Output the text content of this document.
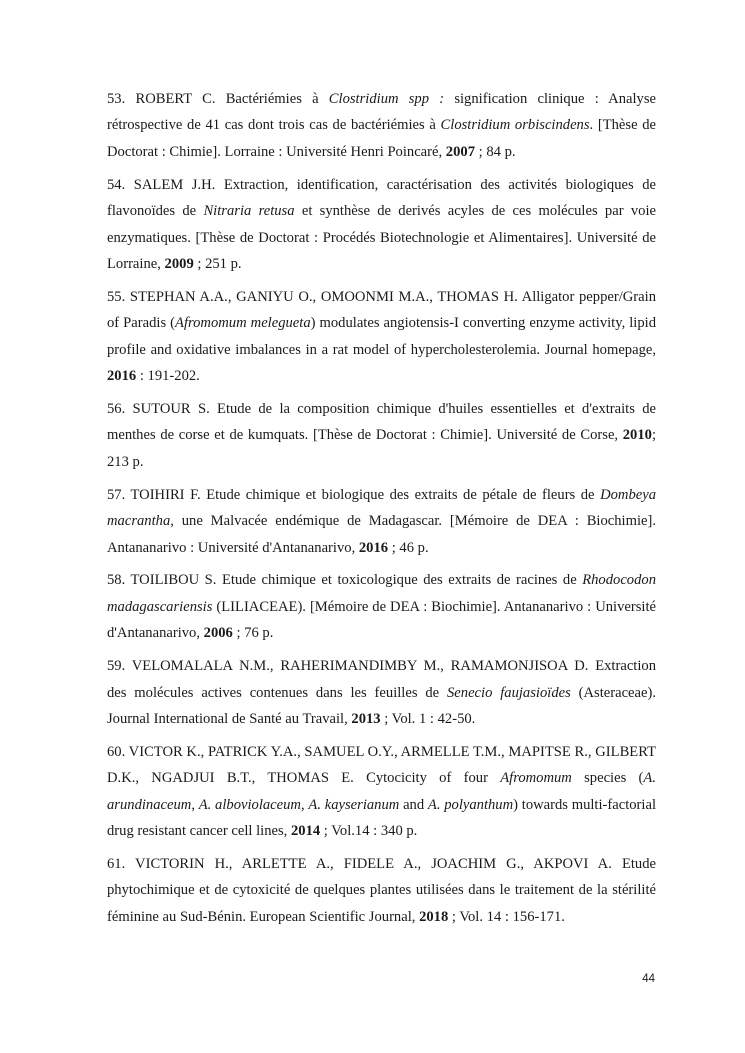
53. ROBERT C. Bactériémies à Clostridium spp : signification clinique : Analyse rétrospective de 41 cas dont trois cas de bactériémies à Clostridium orbiscindens. [Thèse de Doctorat : Chimie]. Lorraine : Université Henri Poincaré, 2007 ; 84 p.

54. SALEM J.H. Extraction, identification, caractérisation des activités biologiques de flavonoïdes de Nitraria retusa et synthèse de derivés acyles de ces molécules par voie enzymatiques. [Thèse de Doctorat : Procédés Biotechnologie et Alimentaires]. Université de Lorraine, 2009 ; 251 p.

55. STEPHAN A.A., GANIYU O., OMOONMI M.A., THOMAS H. Alligator pepper/Grain of Paradis (Afromomum melegueta) modulates angiotensis-I converting enzyme activity, lipid profile and oxidative imbalances in a rat model of hypercholesterolemia. Journal homepage, 2016 : 191-202.

56. SUTOUR S. Etude de la composition chimique d'huiles essentielles et d'extraits de menthes de corse et de kumquats. [Thèse de Doctorat : Chimie]. Université de Corse, 2010; 213 p.

57. TOIHIRI F. Etude chimique et biologique des extraits de pétale de fleurs de Dombeya macrantha, une Malvacée endémique de Madagascar. [Mémoire de DEA : Biochimie]. Antananarivo : Université d'Antananarivo, 2016 ; 46 p.

58. TOILIBOU S. Etude chimique et toxicologique des extraits de racines de Rhodocodon madagascariensis (LILIACEAE). [Mémoire de DEA : Biochimie]. Antananarivo : Université d'Antananarivo, 2006 ; 76 p.

59. VELOMALALA N.M., RAHERIMANDIMBY M., RAMAMONJISOA D. Extraction des molécules actives contenues dans les feuilles de Senecio faujasioïdes (Asteraceae). Journal International de Santé au Travail, 2013 ; Vol. 1 : 42-50.

60. VICTOR K., PATRICK Y.A., SAMUEL O.Y., ARMELLE T.M., MAPITSE R., GILBERT D.K., NGADJUI B.T., THOMAS E. Cytocicity of four Afromomum species (A. arundinaceum, A. alboviolaceum, A. kayserianum and A. polyanthum) towards multi-factorial drug resistant cancer cell lines, 2014 ; Vol.14 : 340 p.

61. VICTORIN H., ARLETTE A., FIDELE A., JOACHIM G., AKPOVI A. Etude phytochimique et de cytoxicité de quelques plantes utilisées dans le traitement de la stérilité féminine au Sud-Bénin. European Scientific Journal, 2018 ; Vol. 14 : 156-171.

44
